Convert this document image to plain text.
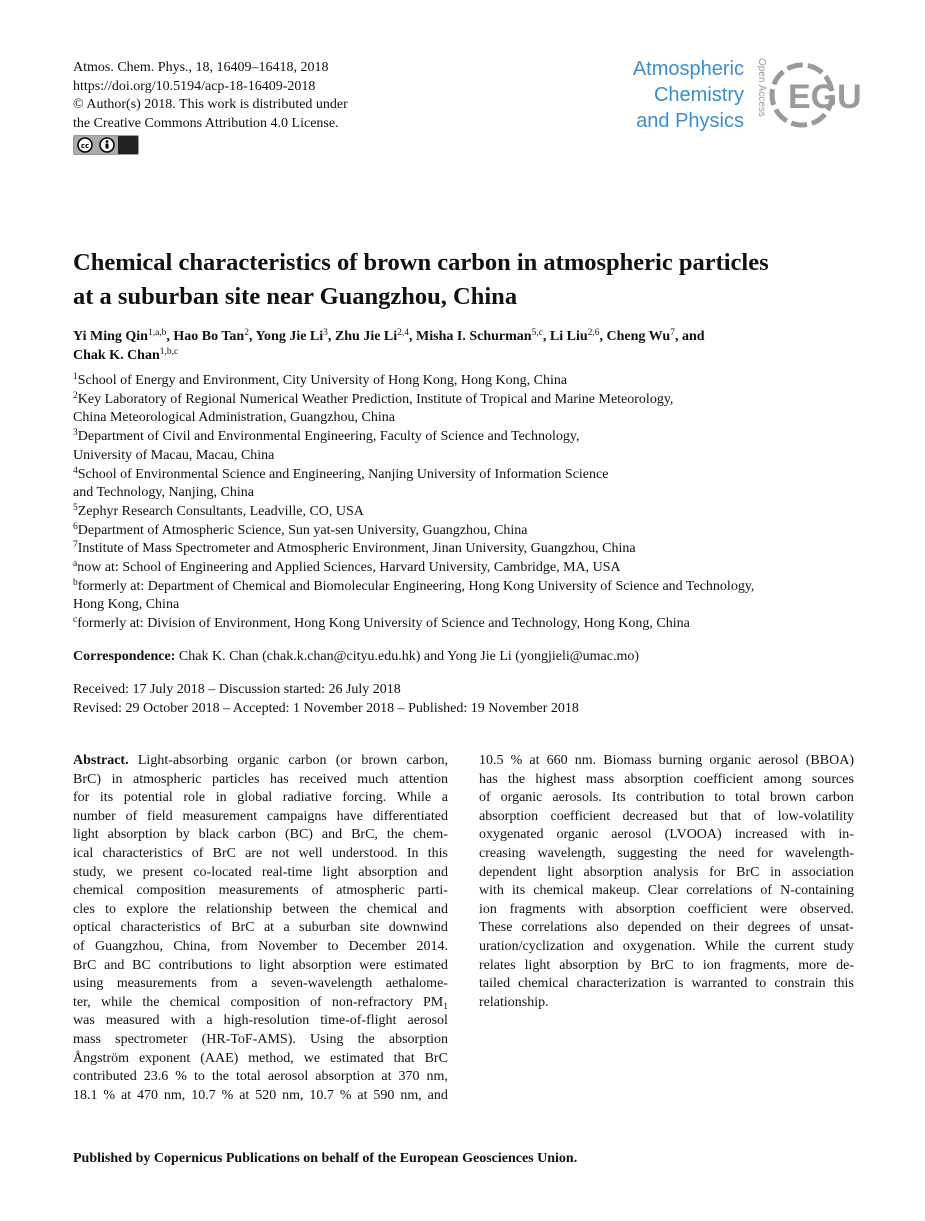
Atmos. Chem. Phys., 18, 16409–16418, 2018
https://doi.org/10.5194/acp-18-16409-2018
© Author(s) 2018. This work is distributed under
the Creative Commons Attribution 4.0 License.
cc
Atmospheric
Chemistry
and Physics
Open Access EGU
Chemical characteristics of brown carbon in atmospheric particles
at a suburban site near Guangzhou, China
Yi Ming Qin$^{1,a,b}$, Hao Bo Tan$^2$, Yong Jie Li$^3$, Zhu Jie Li$^{2,4}$, Misha I. Schurman$^{5,c}$, Li Liu$^{2,6}$, Cheng Wu$^7$, and
Chak K. Chan$^{1,b,c}$
$^1$School of Energy and Environment, City University of Hong Kong, Hong Kong, China
$^2$Key Laboratory of Regional Numerical Weather Prediction, Institute of Tropical and Marine Meteorology,
China Meteorological Administration, Guangzhou, China
$^3$Department of Civil and Environmental Engineering, Faculty of Science and Technology,
University of Macau, Macau, China
$^4$School of Environmental Science and Engineering, Nanjing University of Information Science
and Technology, Nanjing, China
$^5$Zephyr Research Consultants, Leadville, CO, USA
$^6$Department of Atmospheric Science, Sun yat-sen University, Guangzhou, China
$^7$Institute of Mass Spectrometer and Atmospheric Environment, Jinan University, Guangzhou, China
$^a$now at: School of Engineering and Applied Sciences, Harvard University, Cambridge, MA, USA
$^b$formerly at: Department of Chemical and Biomolecular Engineering, Hong Kong University of Science and Technology,
Hong Kong, China
$^c$formerly at: Division of Environment, Hong Kong University of Science and Technology, Hong Kong, China
Correspondence: Chak K. Chan (chak.k.chan@cityu.edu.hk) and Yong Jie Li (yongjieli@umac.mo)
Received: 17 July 2018 – Discussion started: 26 July 2018
Revised: 29 October 2018 – Accepted: 1 November 2018 – Published: 19 November 2018
Abstract. Light-absorbing organic carbon (or brown carbon,
BrC) in atmospheric particles has received much attention
for its potential role in global radiative forcing. While a
number of field measurement campaigns have differentiated
light absorption by black carbon (BC) and BrC, the chem-
ical characteristics of BrC are not well understood. In this
study, we present co-located real-time light absorption and
chemical composition measurements of atmospheric parti-
cles to explore the relationship between the chemical and
optical characteristics of BrC at a suburban site downwind
of Guangzhou, China, from November to December 2014.
BrC and BC contributions to light absorption were estimated
using measurements from a seven-wavelength aethalome-
ter, while the chemical composition of non-refractory $PM_1$
was measured with a high-resolution time-of-flight aerosol
mass spectrometer (HR-ToF-AMS). Using the absorption
Ångström exponent (AAE) method, we estimated that BrC
contributed 23.6 % to the total aerosol absorption at 370 nm,
18.1 % at 470 nm, 10.7 % at 520 nm, 10.7 % at 590 nm, and
10.5 % at 660 nm. Biomass burning organic aerosol (BBOA)
has the highest mass absorption coefficient among sources
of organic aerosols. Its contribution to total brown carbon
absorption coefficient decreased but that of low-volatility
oxygenated organic aerosol (LVOOA) increased with in-
creasing wavelength, suggesting the need for wavelength-
dependent light absorption analysis for BrC in association
with its chemical makeup. Clear correlations of N-containing
ion fragments with absorption coefficient were observed.
These correlations also depended on their degrees of unsat-
uration/cyclization and oxygenation. While the current study
relates light absorption by BrC to ion fragments, more de-
tailed chemical characterization is warranted to constrain this
relationship.
Published by Copernicus Publications on behalf of the European Geosciences Union.
